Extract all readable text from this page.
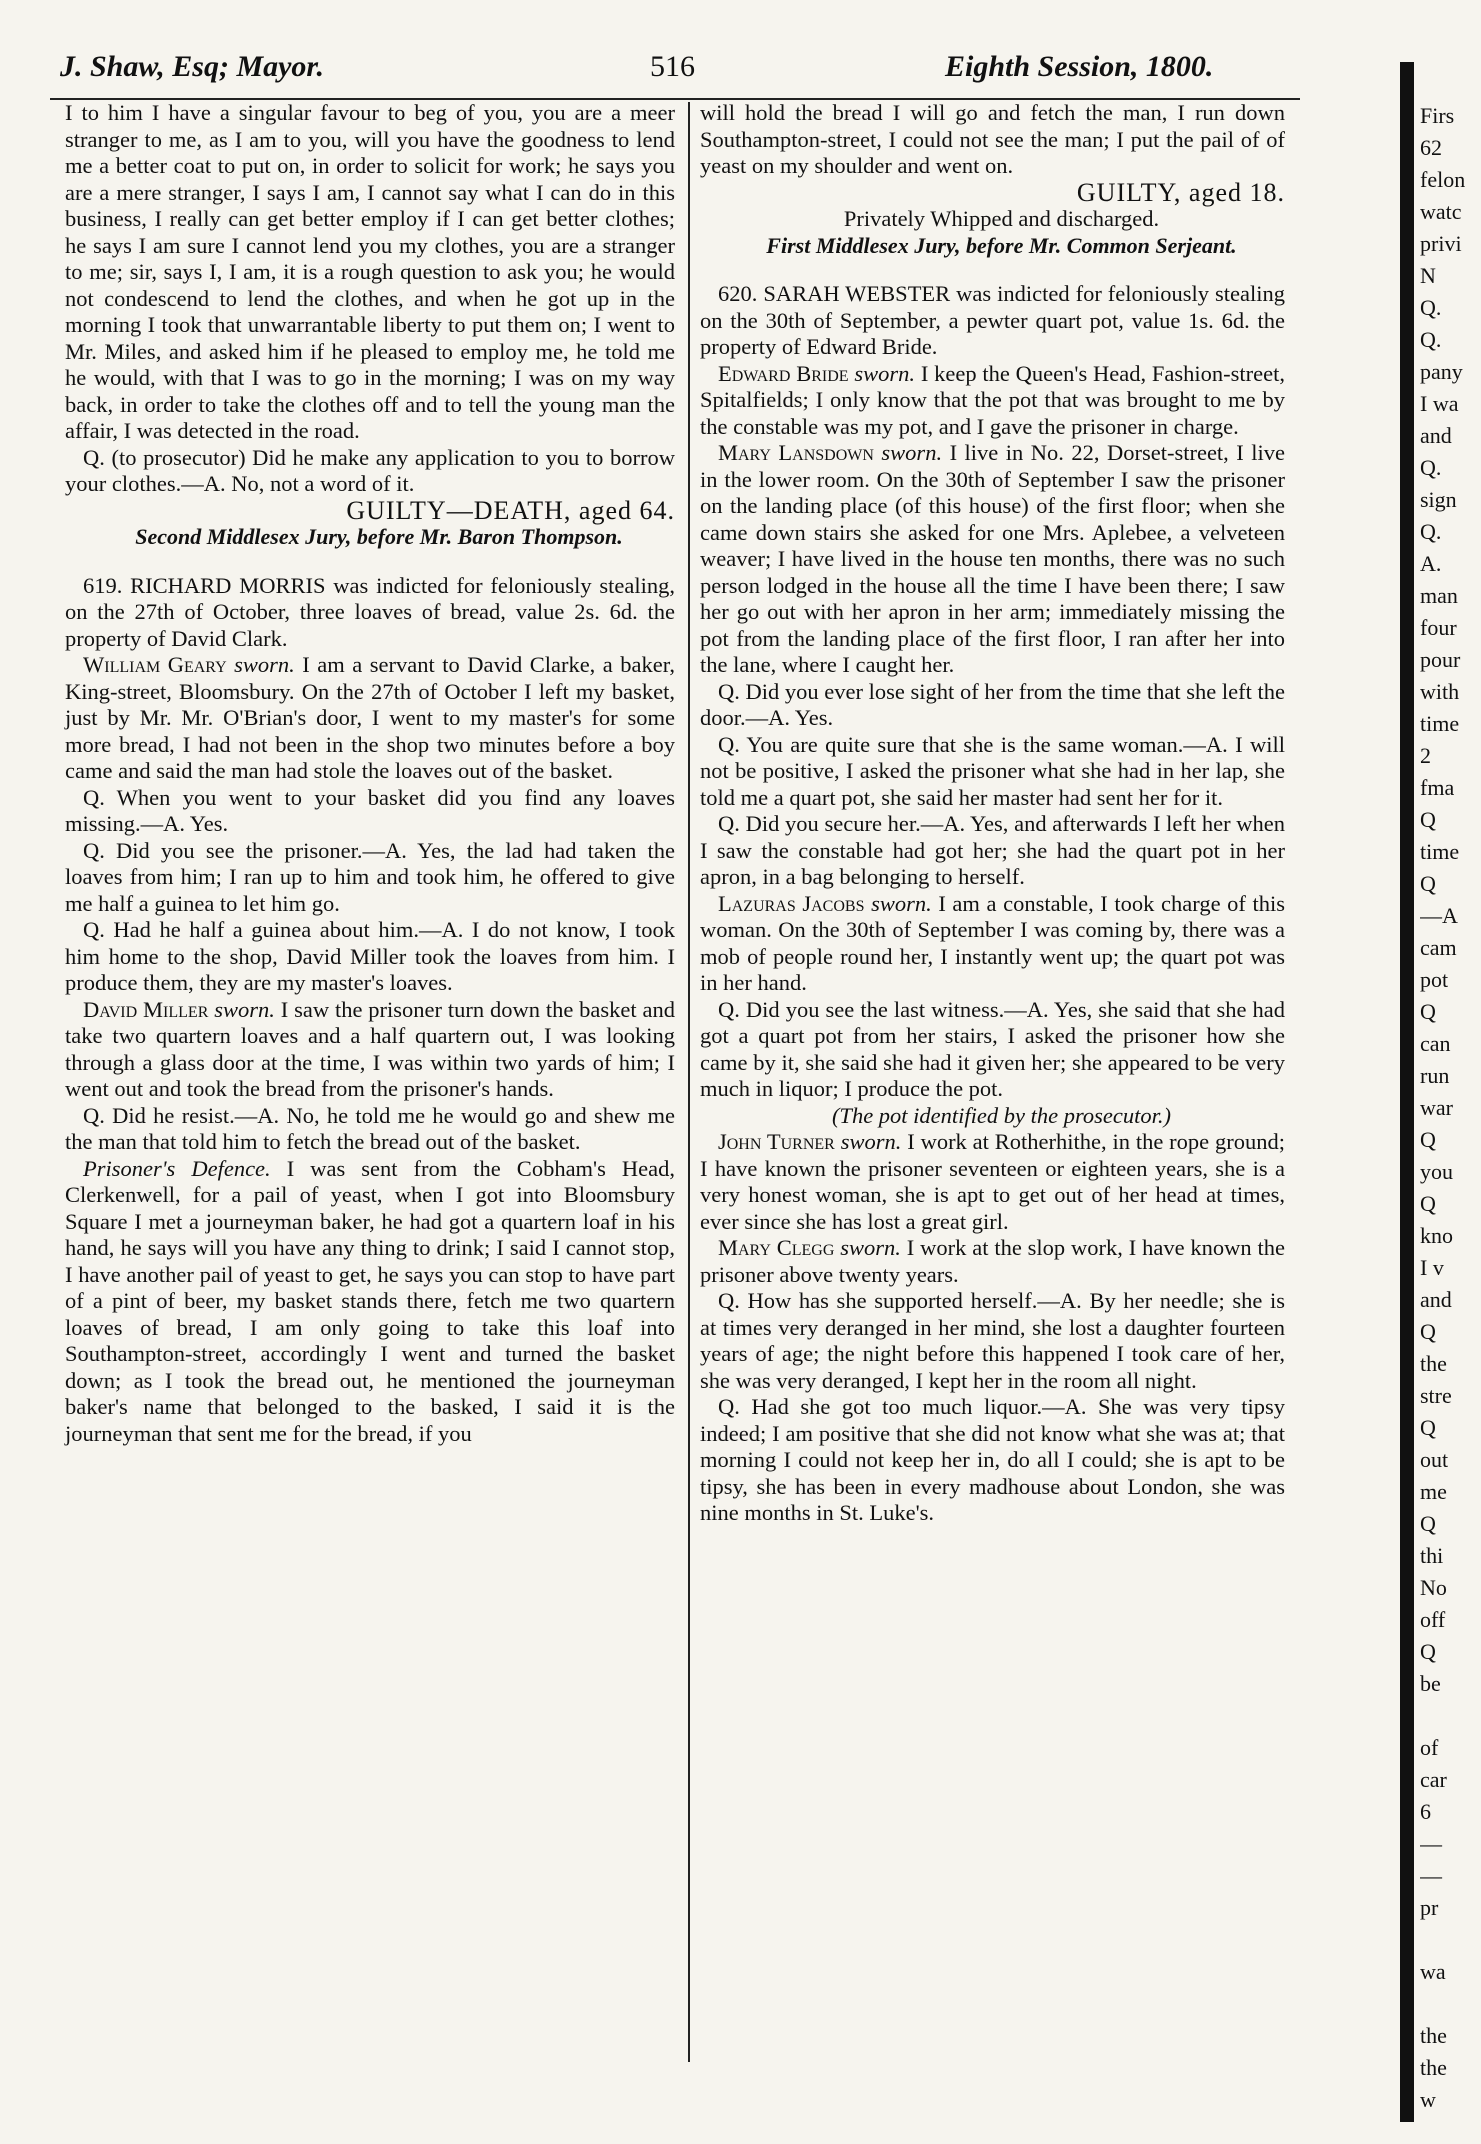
J. Shaw, Esq; Mayor.	516	Eighth Session, 1800.

I to him I have a singular favour to beg of you, you are a meer stranger to me, as I am to you, will you have the goodness to lend me a better coat to put on, in order to solicit for work; he says you are a mere stranger, I says I am, I cannot say what I can do in this business, I really can get better employ if I can get better clothes; he says I am sure I cannot lend you my clothes, you are a stranger to me; sir, says I, I am, it is a rough question to ask you; he would not condescend to lend the clothes, and when he got up in the morning I took that unwarrantable liberty to put them on; I went to Mr. Miles, and asked him if he pleased to employ me, he told me he would, with that I was to go in the morning; I was on my way back, in order to take the clothes off and to tell the young man the affair, I was detected in the road.

Q. (to prosecutor) Did he make any application to you to borrow your clothes.—A. No, not a word of it.

GUILTY—DEATH, aged 64.

Second Middlesex Jury, before Mr. Baron Thompson.

619. RICHARD MORRIS was indicted for feloniously stealing, on the 27th of October, three loaves of bread, value 2s. 6d. the property of David Clark.

William Geary sworn. I am a servant to David Clarke, a baker, King-street, Bloomsbury. On the 27th of October I left my basket, just by Mr. Mr. O'Brian's door, I went to my master's for some more bread, I had not been in the shop two minutes before a boy came and said the man had stole the loaves out of the basket.

Q. When you went to your basket did you find any loaves missing.—A. Yes.

Q. Did you see the prisoner.—A. Yes, the lad had taken the loaves from him; I ran up to him and took him, he offered to give me half a guinea to let him go.

Q. Had he half a guinea about him.—A. I do not know, I took him home to the shop, David Miller took the loaves from him. I produce them, they are my master's loaves.

David Miller sworn. I saw the prisoner turn down the basket and take two quartern loaves and a half quartern out, I was looking through a glass door at the time, I was within two yards of him; I went out and took the bread from the prisoner's hands.

Q. Did he resist.—A. No, he told me he would go and shew me the man that told him to fetch the bread out of the basket.

Prisoner's Defence. I was sent from the Cobham's Head, Clerkenwell, for a pail of yeast, when I got into Bloomsbury Square I met a journeyman baker, he had got a quartern loaf in his hand, he says will you have any thing to drink; I said I cannot stop, I have another pail of yeast to get, he says you can stop to have part of a pint of beer, my basket stands there, fetch me two quartern loaves of bread, I am only going to take this loaf into Southampton-street, accordingly I went and turned the basket down; as I took the bread out, he mentioned the journeyman baker's name that belonged to the basked, I said it is the journeyman that sent me for the bread, if you

will hold the bread I will go and fetch the man, I run down Southampton-street, I could not see the man; I put the pail of of yeast on my shoulder and went on.

GUILTY, aged 18.

Privately Whipped and discharged.

First Middlesex Jury, before Mr. Common Serjeant.

620. SARAH WEBSTER was indicted for feloniously stealing on the 30th of September, a pewter quart pot, value 1s. 6d. the property of Edward Bride.

Edward Bride sworn. I keep the Queen's Head, Fashion-street, Spitalfields; I only know that the pot that was brought to me by the constable was my pot, and I gave the prisoner in charge.

Mary Lansdown sworn. I live in No. 22, Dorset-street, I live in the lower room. On the 30th of September I saw the prisoner on the landing place (of this house) of the first floor; when she came down stairs she asked for one Mrs. Aplebee, a velveteen weaver; I have lived in the house ten months, there was no such person lodged in the house all the time I have been there; I saw her go out with her apron in her arm; immediately missing the pot from the landing place of the first floor, I ran after her into the lane, where I caught her.

Q. Did you ever lose sight of her from the time that she left the door.—A. Yes.

Q. You are quite sure that she is the same woman.—A. I will not be positive, I asked the prisoner what she had in her lap, she told me a quart pot, she said her master had sent her for it.

Q. Did you secure her.—A. Yes, and afterwards I left her when I saw the constable had got her; she had the quart pot in her apron, in a bag belonging to herself.

Lazuras Jacobs sworn. I am a constable, I took charge of this woman. On the 30th of September I was coming by, there was a mob of people round her, I instantly went up; the quart pot was in her hand.

Q. Did you see the last witness.—A. Yes, she said that she had got a quart pot from her stairs, I asked the prisoner how she came by it, she said she had it given her; she appeared to be very much in liquor; I produce the pot.

(The pot identified by the prosecutor.)

John Turner sworn. I work at Rotherhithe, in the rope ground; I have known the prisoner seventeen or eighteen years, she is a very honest woman, she is apt to get out of her head at times, ever since she has lost a great girl.

Mary Clegg sworn. I work at the slop work, I have known the prisoner above twenty years.

Q. How has she supported herself.—A. By her needle; she is at times very deranged in her mind, she lost a daughter fourteen years of age; the night before this happened I took care of her, she was very deranged, I kept her in the room all night.

Q. Had she got too much liquor.—A. She was very tipsy indeed; I am positive that she did not know what she was at; that morning I could not keep her in, do all I could; she is apt to be tipsy, she has been in every madhouse about London, she was nine months in St. Luke's.

Firs
62
felon
watc
privi
N
Q.
Q.
pany
I wa
and
Q.
sign
Q.
A.
man
four
pour
with
time
2
fma
Q
time
Q
—A
cam
pot
Q
can
run
war
Q
you
Q
kno
I v
and
Q
the
stre
Q
out
me
Q
thi
No
off
Q
be

of
car
6
—
—
pr

wa

the
the
w
